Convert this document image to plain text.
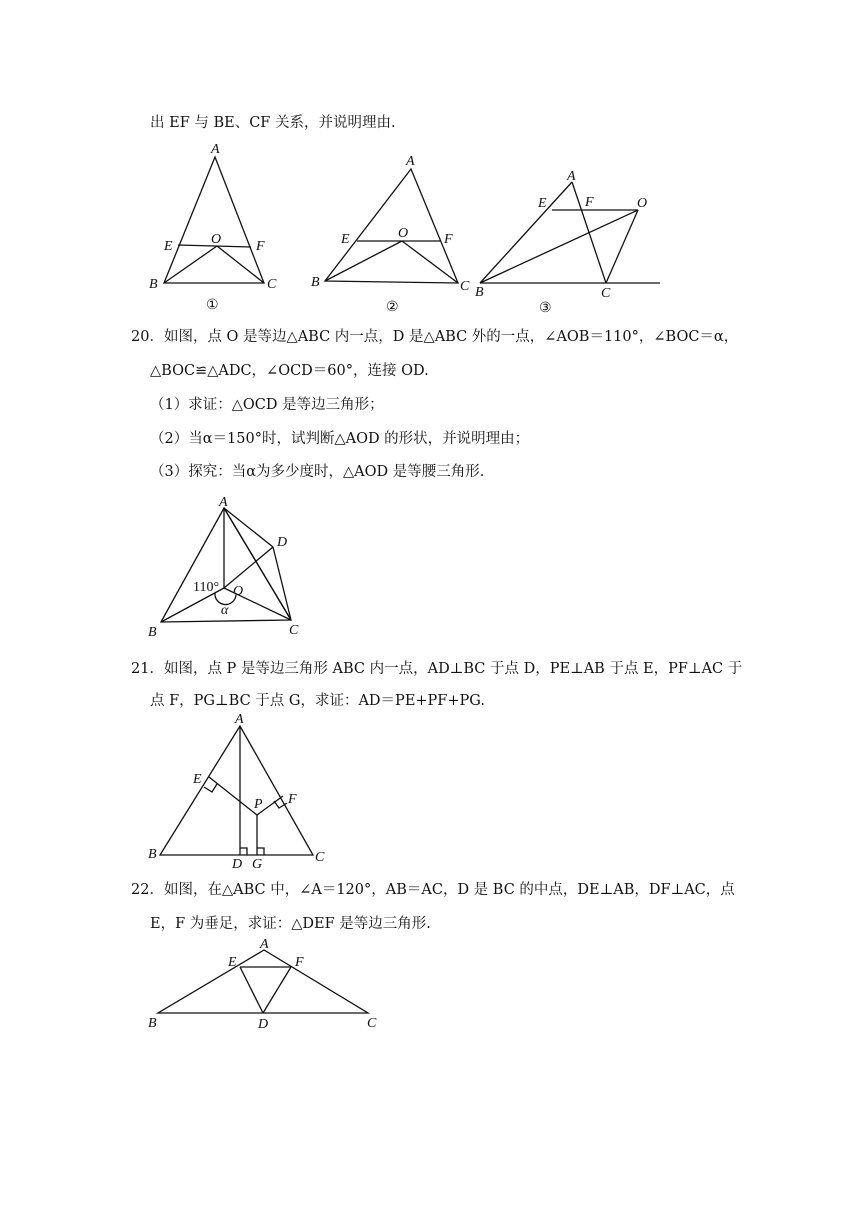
出 EF 与 BE、CF 关系，并说明理由.
A
B	C
E	F
O
①
A
B	C
E	F
O
②
A
B	C
E	F	O
③
20．如图，点 O 是等边△ABC 内一点，D 是△ABC 外的一点，∠AOB＝110°，∠BOC＝α，
△BOC≌△ADC，∠OCD＝60°，连接 OD.
（1）求证：△OCD 是等边三角形；
（2）当α＝150°时，试判断△AOD 的形状，并说明理由；
（3）探究：当α为多少度时，△AOD 是等腰三角形.
A
B	C
D
O
110°
α
21．如图，点 P 是等边三角形 ABC 内一点，AD⊥BC 于点 D，PE⊥AB 于点 E，PF⊥AC 于
点 F，PG⊥BC 于点 G，求证：AD＝PE+PF+PG.
A
B	C
D
E
F
G
P
22．如图，在△ABC 中，∠A＝120°，AB＝AC，D 是 BC 的中点，DE⊥AB，DF⊥AC，点
E，F 为垂足，求证：△DEF 是等边三角形.
A
B	C
D
E	F
